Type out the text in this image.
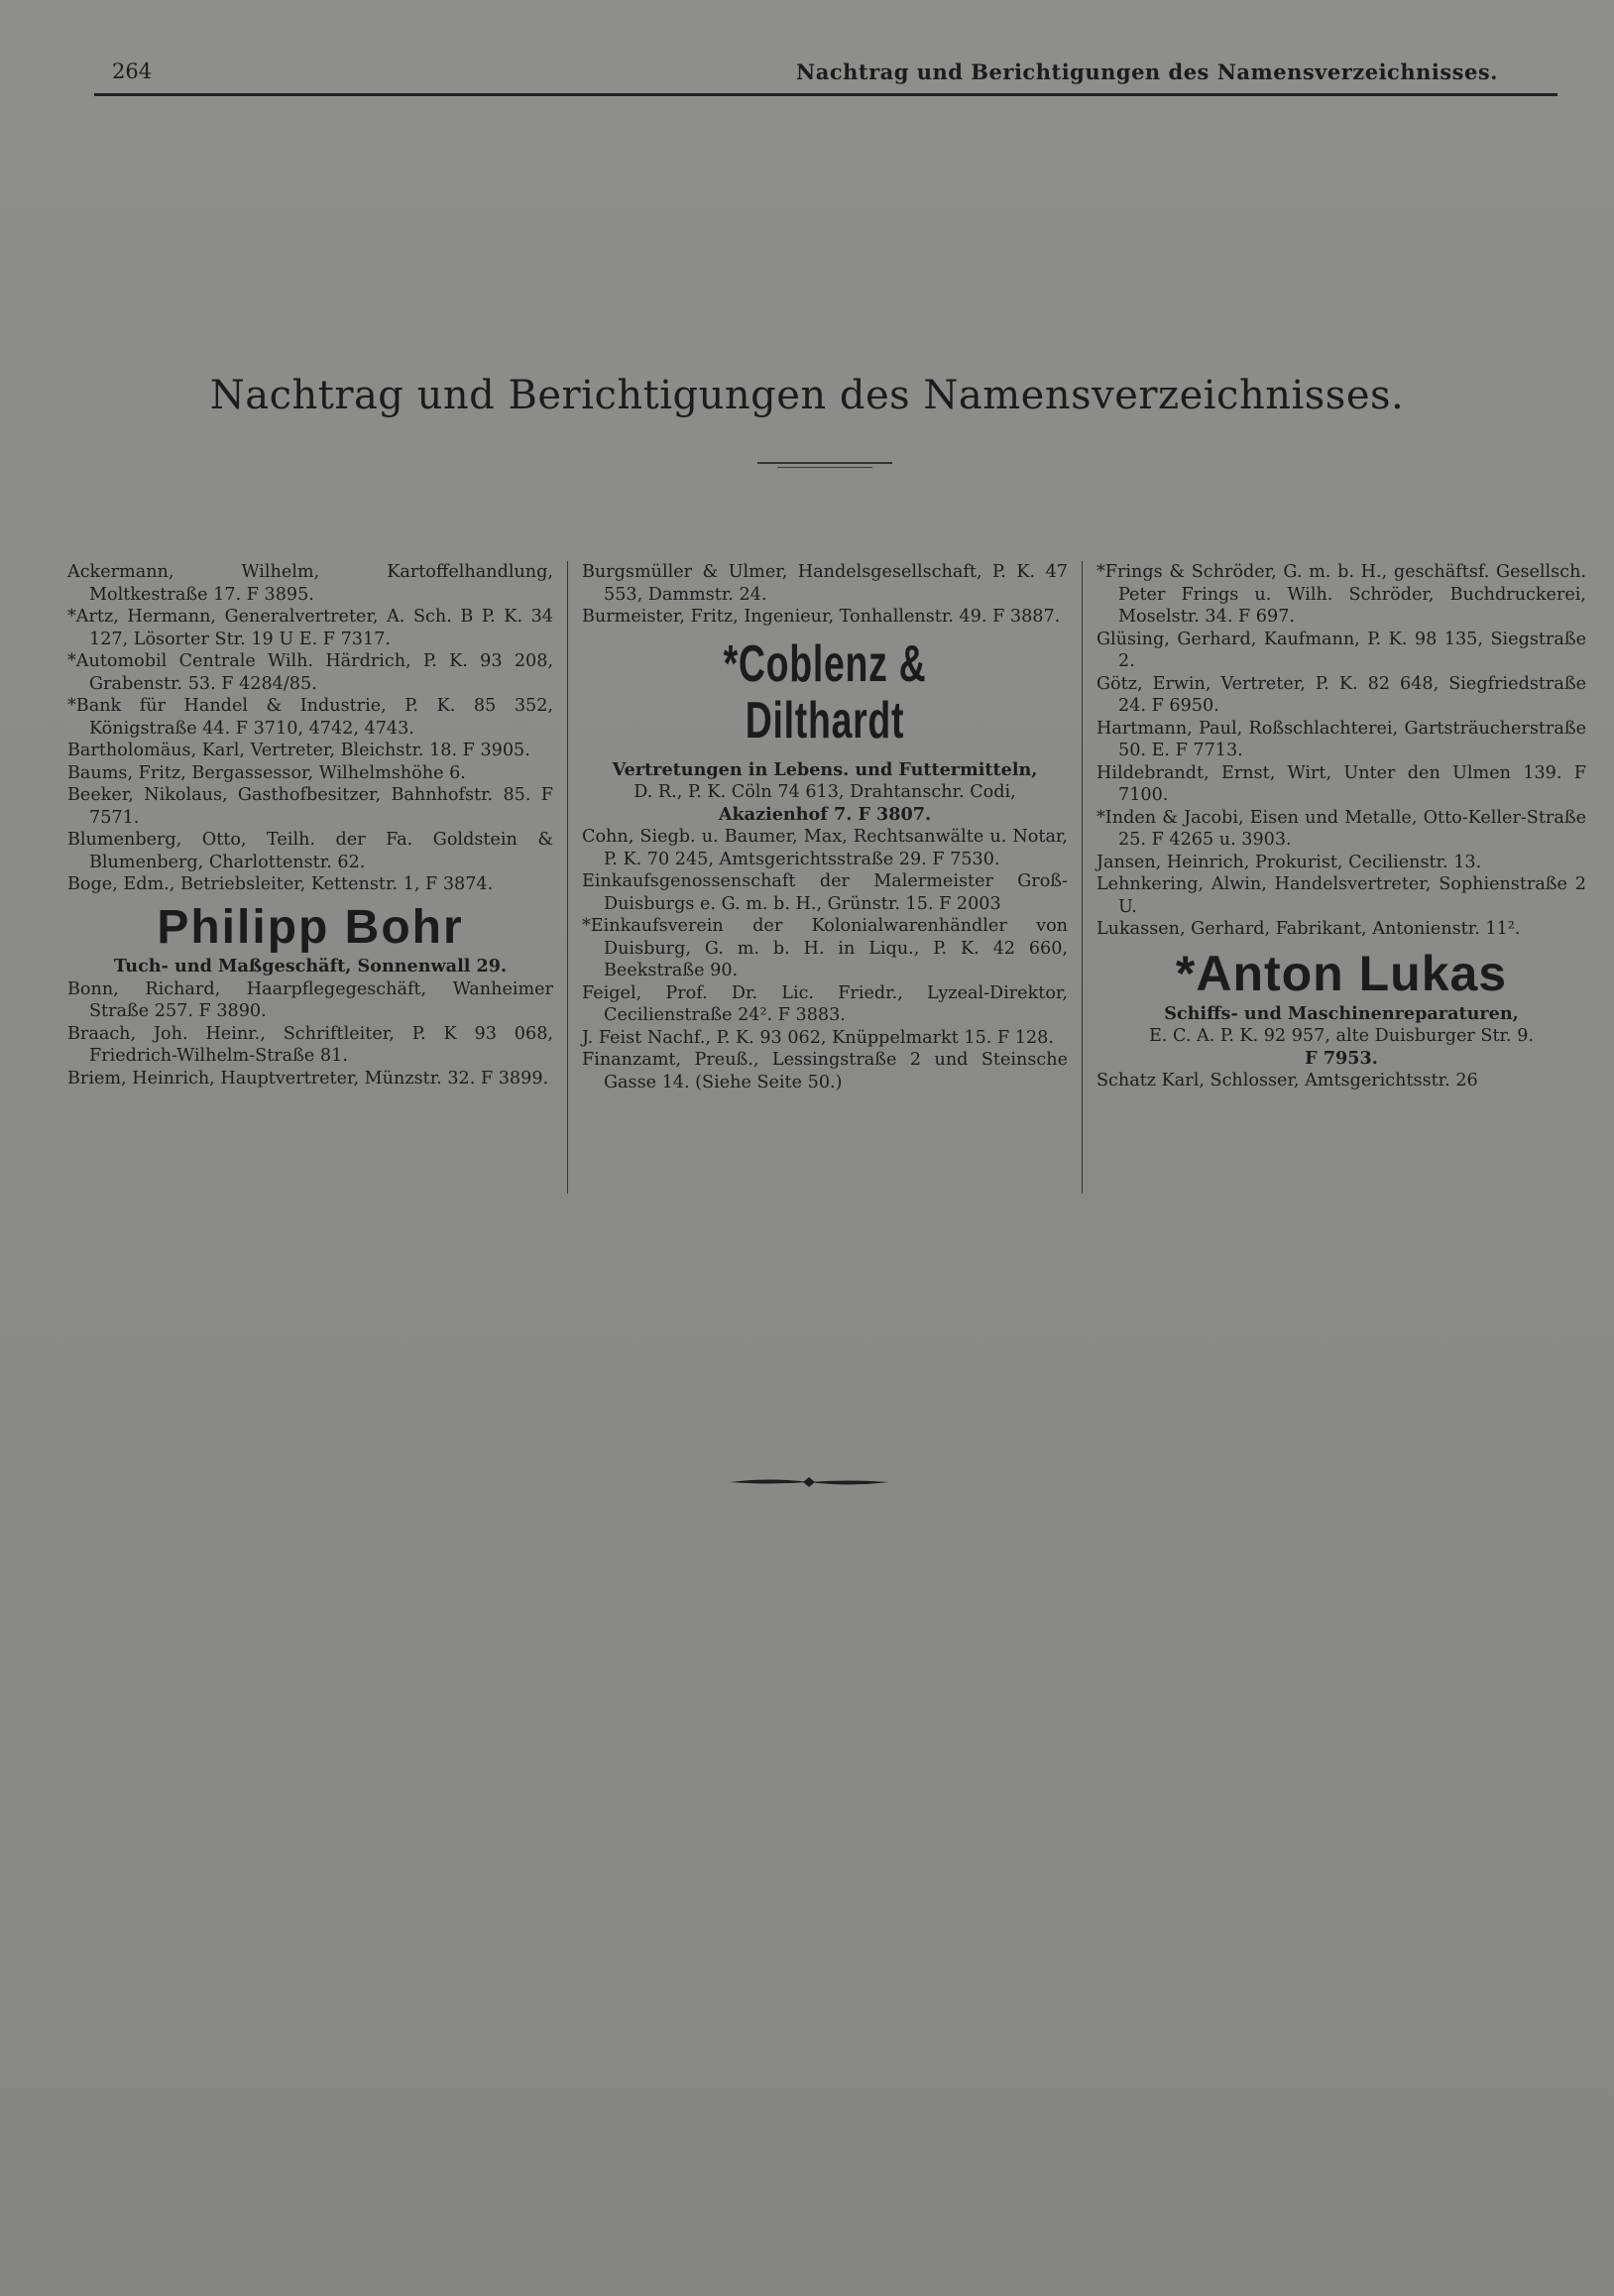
264	Nachtrag und Berichtigungen des Namensverzeichnisses.
Nachtrag und Berichtigungen des Namensverzeichnisses.

Ackermann, Wilhelm, Kartoffelhandlung, Moltkestraße 17. F 3895.

*Artz, Hermann, Generalvertreter, A. Sch. B P. K. 34 127, Lösorter Str. 19 U E. F 7317.

*Automobil Centrale Wilh. Härdrich, P. K. 93 208, Grabenstr. 53. F 4284/85.

*Bank für Handel & Industrie, P. K. 85 352, Königstraße 44. F 3710, 4742, 4743.

Bartholomäus, Karl, Vertreter, Bleichstr. 18. F 3905.

Baums, Fritz, Bergassessor, Wilhelmshöhe 6.

Beeker, Nikolaus, Gasthofbesitzer, Bahnhofstr. 85. F 7571.

Blumenberg, Otto, Teilh. der Fa. Goldstein & Blumenberg, Charlottenstr. 62.

Boge, Edm., Betriebsleiter, Kettenstr. 1, F 3874.

Philipp Bohr

Tuch- und Maßgeschäft, Sonnenwall 29.

Bonn, Richard, Haarpflegegeschäft, Wanheimer Straße 257. F 3890.

Braach, Joh. Heinr., Schriftleiter, P. K 93 068, Friedrich-Wilhelm-Straße 81.

Briem, Heinrich, Hauptvertreter, Münzstr. 32. F 3899.

Burgsmüller & Ulmer, Handelsgesellschaft, P. K. 47 553, Dammstr. 24.

Burmeister, Fritz, Ingenieur, Tonhallenstr. 49. F 3887.

*Coblenz & Dilthardt

Vertretungen in Lebens. und Futtermitteln,

D. R., P. K. Cöln 74 613, Drahtanschr. Codi,

Akazienhof 7. F 3807.

Cohn, Siegb. u. Baumer, Max, Rechtsanwälte u. Notar, P. K. 70 245, Amtsgerichtsstraße 29. F 7530.

Einkaufsgenossenschaft der Malermeister Groß-Duisburgs e. G. m. b. H., Grünstr. 15. F 2003

*Einkaufsverein der Kolonialwarenhändler von Duisburg, G. m. b. H. in Liqu., P. K. 42 660, Beekstraße 90.

Feigel, Prof. Dr. Lic. Friedr., Lyzeal-Direktor, Cecilienstraße 24². F 3883.

J. Feist Nachf., P. K. 93 062, Knüppelmarkt 15. F 128.

Finanzamt, Preuß., Lessingstraße 2 und Steinsche Gasse 14. (Siehe Seite 50.)

*Frings & Schröder, G. m. b. H., geschäftsf. Gesellsch. Peter Frings u. Wilh. Schröder, Buchdruckerei, Moselstr. 34. F 697.

Glüsing, Gerhard, Kaufmann, P. K. 98 135, Siegstraße 2.

Götz, Erwin, Vertreter, P. K. 82 648, Siegfriedstraße 24. F 6950.

Hartmann, Paul, Roßschlachterei, Gartsträucherstraße 50. E. F 7713.

Hildebrandt, Ernst, Wirt, Unter den Ulmen 139. F 7100.

*Inden & Jacobi, Eisen und Metalle, Otto-Keller-Straße 25. F 4265 u. 3903.

Jansen, Heinrich, Prokurist, Cecilienstr. 13.

Lehnkering, Alwin, Handelsvertreter, Sophienstraße 2 U.

Lukassen, Gerhard, Fabrikant, Antonienstr. 11².

*Anton Lukas

Schiffs- und Maschinenreparaturen,

E. C. A. P. K. 92 957, alte Duisburger Str. 9.

F 7953.

Schatz Karl, Schlosser, Amtsgerichtsstr. 26
